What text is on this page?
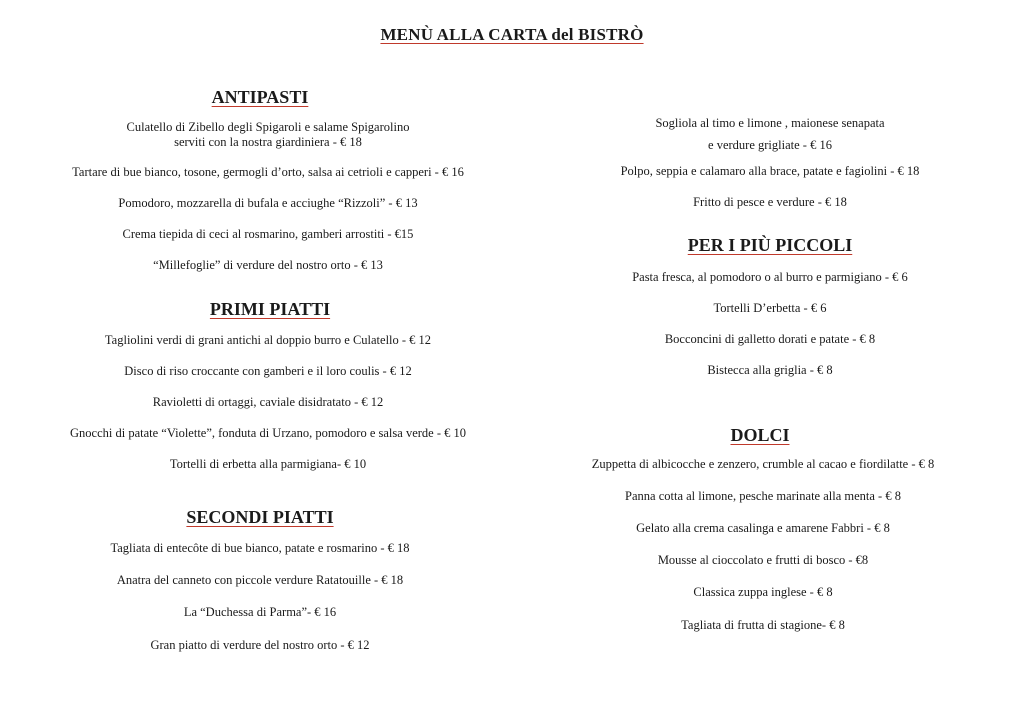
MENÙ ALLA CARTA del BISTRÒ
ANTIPASTI
Culatello di Zibello degli Spigaroli e salame Spigarolino
serviti con la nostra giardiniera - € 18
Tartare di bue bianco, tosone, germogli d’orto, salsa ai cetrioli e capperi - € 16
Pomodoro, mozzarella di bufala e acciughe “Rizzoli” - € 13
Crema tiepida di ceci al rosmarino, gamberi arrostiti - €15
“Millefoglie” di verdure del nostro orto - € 13
PRIMI PIATTI
Tagliolini verdi di grani antichi al doppio burro e Culatello - € 12
Disco di riso croccante con gamberi e il loro coulis - € 12
Ravioletti di ortaggi, caviale disidratato - € 12
Gnocchi di patate “Violette”, fonduta di Urzano, pomodoro e salsa verde - € 10
Tortelli di erbetta alla parmigiana- € 10
SECONDI PIATTI
Tagliata di entecôte di bue bianco, patate e rosmarino - € 18
Anatra del canneto con piccole verdure Ratatouille - € 18
La “Duchessa di Parma”- € 16
Gran piatto di verdure del nostro orto - € 12
Sogliola al timo e limone , maionese senapata
e verdure grigliate - € 16
Polpo, seppia e calamaro alla brace, patate e fagiolini - € 18
Fritto di pesce e verdure - € 18
PER I PIÙ PICCOLI
Pasta fresca, al pomodoro o al burro e parmigiano - € 6
Tortelli D’erbetta - € 6
Bocconcini di galletto dorati e patate - € 8
Bistecca alla griglia - € 8
DOLCI
Zuppetta di albicocche e zenzero, crumble al cacao e fiordilatte - € 8
Panna cotta al limone, pesche marinate alla menta - € 8
Gelato alla crema casalinga e amarene Fabbri - € 8
Mousse al cioccolato e frutti di bosco - €8
Classica zuppa inglese - € 8
Tagliata di frutta di stagione- € 8
